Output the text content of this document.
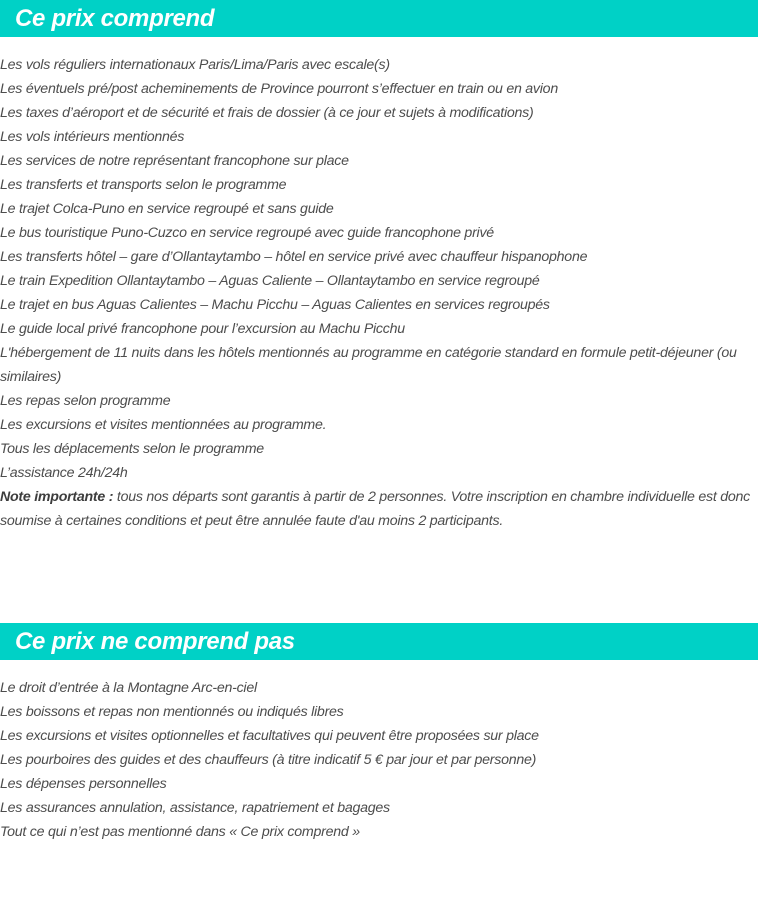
Ce prix comprend
Les vols réguliers internationaux Paris/Lima/Paris avec escale(s)
Les éventuels pré/post acheminements de Province pourront s’effectuer en train ou en avion
Les taxes d’aéroport et de sécurité et frais de dossier (à ce jour et sujets à modifications)
Les vols intérieurs mentionnés
Les services de notre représentant francophone sur place
Les transferts et transports selon le programme
Le trajet Colca-Puno en service regroupé et sans guide
Le bus touristique Puno-Cuzco en service regroupé avec guide francophone privé
Les transferts hôtel – gare d’Ollantaytambo – hôtel en service privé avec chauffeur hispanophone
Le train Expedition Ollantaytambo – Aguas Caliente – Ollantaytambo en service regroupé
Le trajet en bus Aguas Calientes – Machu Picchu – Aguas Calientes en services regroupés
Le guide local privé francophone pour l’excursion au Machu Picchu
L'hébergement de 11 nuits dans les hôtels mentionnés au programme en catégorie standard en formule petit-déjeuner (ou similaires)
Les repas selon programme
Les excursions et visites mentionnées au programme.
Tous les déplacements selon le programme
L’assistance 24h/24h
Note importante : tous nos départs sont garantis à partir de 2 personnes. Votre inscription en chambre individuelle est donc soumise à certaines conditions et peut être annulée faute d'au moins 2 participants.
Ce prix ne comprend pas
Le droit d’entrée à la Montagne Arc-en-ciel
Les boissons et repas non mentionnés ou indiqués libres
Les excursions et visites optionnelles et facultatives qui peuvent être proposées sur place
Les pourboires des guides et des chauffeurs (à titre indicatif 5 € par jour et par personne)
Les dépenses personnelles
Les assurances annulation, assistance, rapatriement et bagages
Tout ce qui n’est pas mentionné dans « Ce prix comprend »
